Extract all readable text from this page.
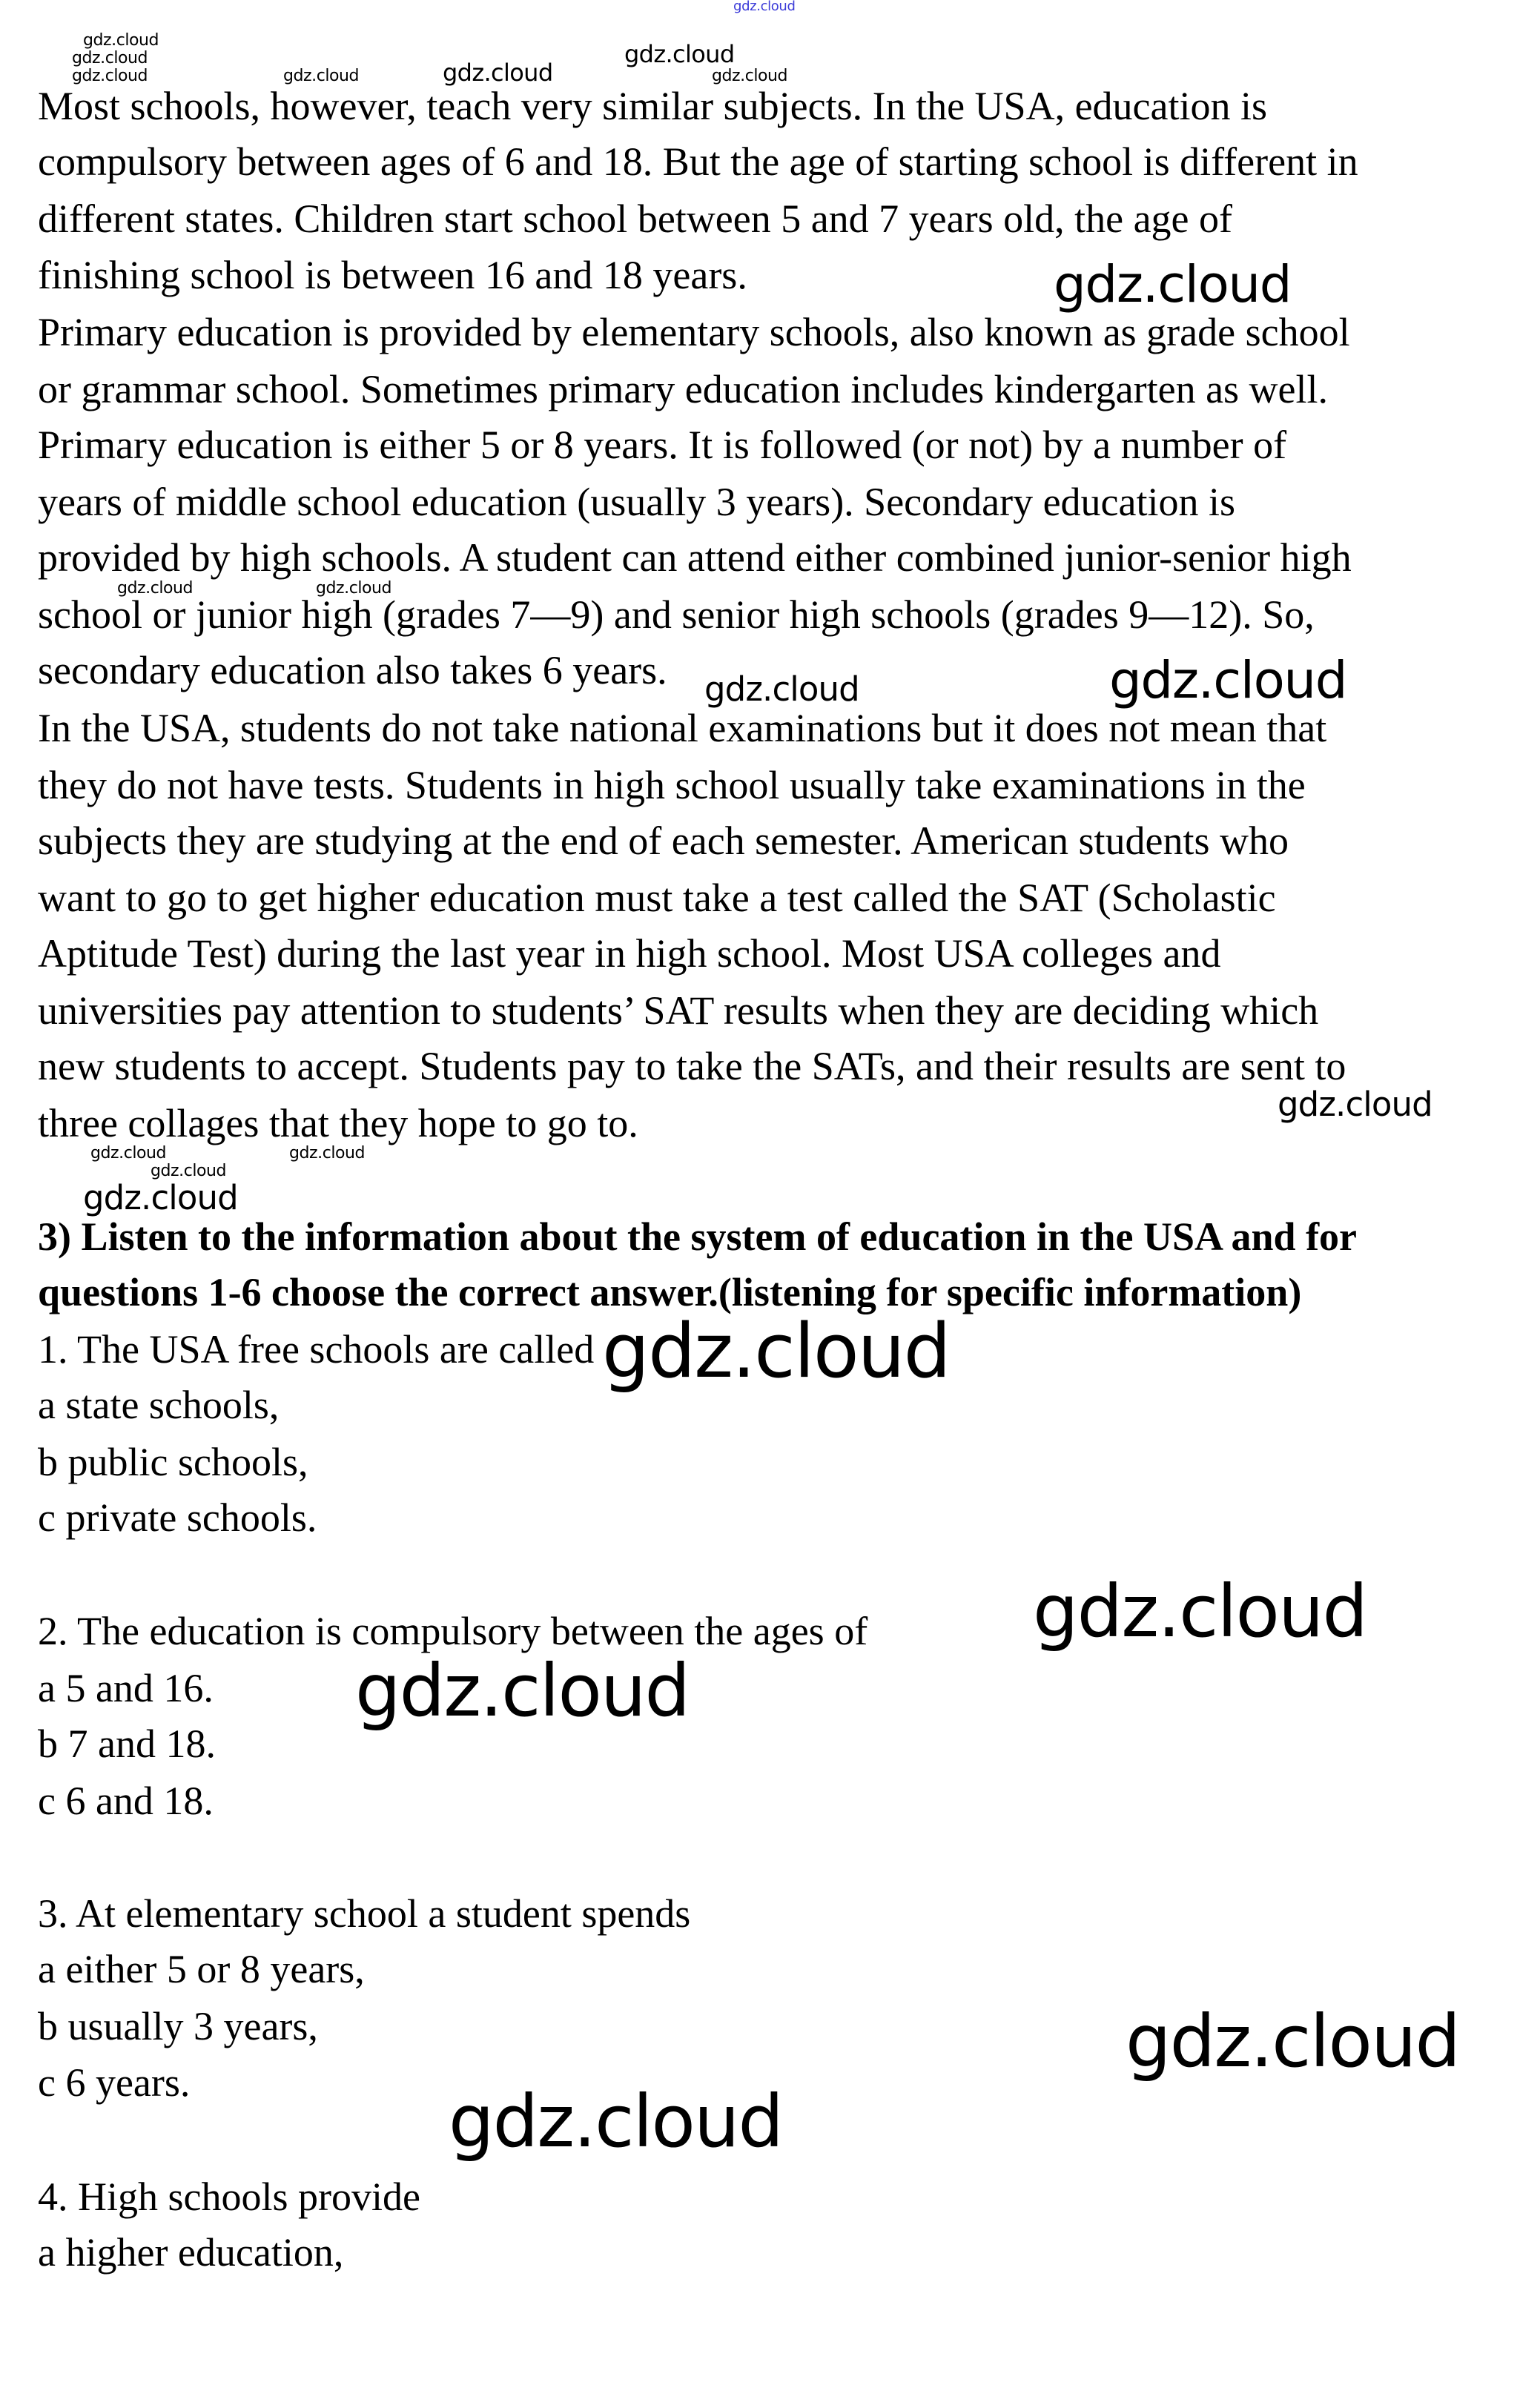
Most schools, however, teach very similar subjects. In the USA, education is
compulsory between ages of 6 and 18. But the age of starting school is different in
different states. Children start school between 5 and 7 years old, the age of
finishing school is between 16 and 18 years.
Primary education is provided by elementary schools, also known as grade school
or grammar school. Sometimes primary education includes kindergarten as well.
Primary education is either 5 or 8 years. It is followed (or not) by a number of
years of middle school education (usually 3 years). Secondary education is
provided by high schools. A student can attend either combined junior-senior high
school or junior high (grades 7—9) and senior high schools (grades 9—12). So,
secondary education also takes 6 years.
In the USA, students do not take national examinations but it does not mean that
they do not have tests. Students in high school usually take examinations in the
subjects they are studying at the end of each semester. American students who
want to go to get higher education must take a test called the SAT (Scholastic
Aptitude Test) during the last year in high school. Most USA colleges and
universities pay attention to students’ SAT results when they are deciding which
new students to accept. Students pay to take the SATs, and their results are sent to
three collages that they hope to go to.
3) Listen to the information about the system of education in the USA and for
questions 1-6 choose the correct answer.(listening for specific information)
1. The USA free schools are called
a state schools,
b public schools,
c private schools.
2. The education is compulsory between the ages of
a 5 and 16.
b 7 and 18.
c 6 and 18.
3. At elementary school a student spends
a either 5 or 8 years,
b usually 3 years,
c 6 years.
4. High schools provide
a higher education,
gdz.cloud
gdz.cloud	gdz.cloud	gdz.cloud
gdz.cloud
gdz.cloud
gdz.cloud
gdz.cloud
gdz.cloud
gdz.cloud	gdz.cloud
gdz.cloud	gdz.cloud
gdz.cloud	gdz.cloud
gdz.cloud
gdz.cloud
gdz.cloud
gdz.cloud
gdz.cloud
gdz.cloud
gdz.cloud
gdz.cloud
